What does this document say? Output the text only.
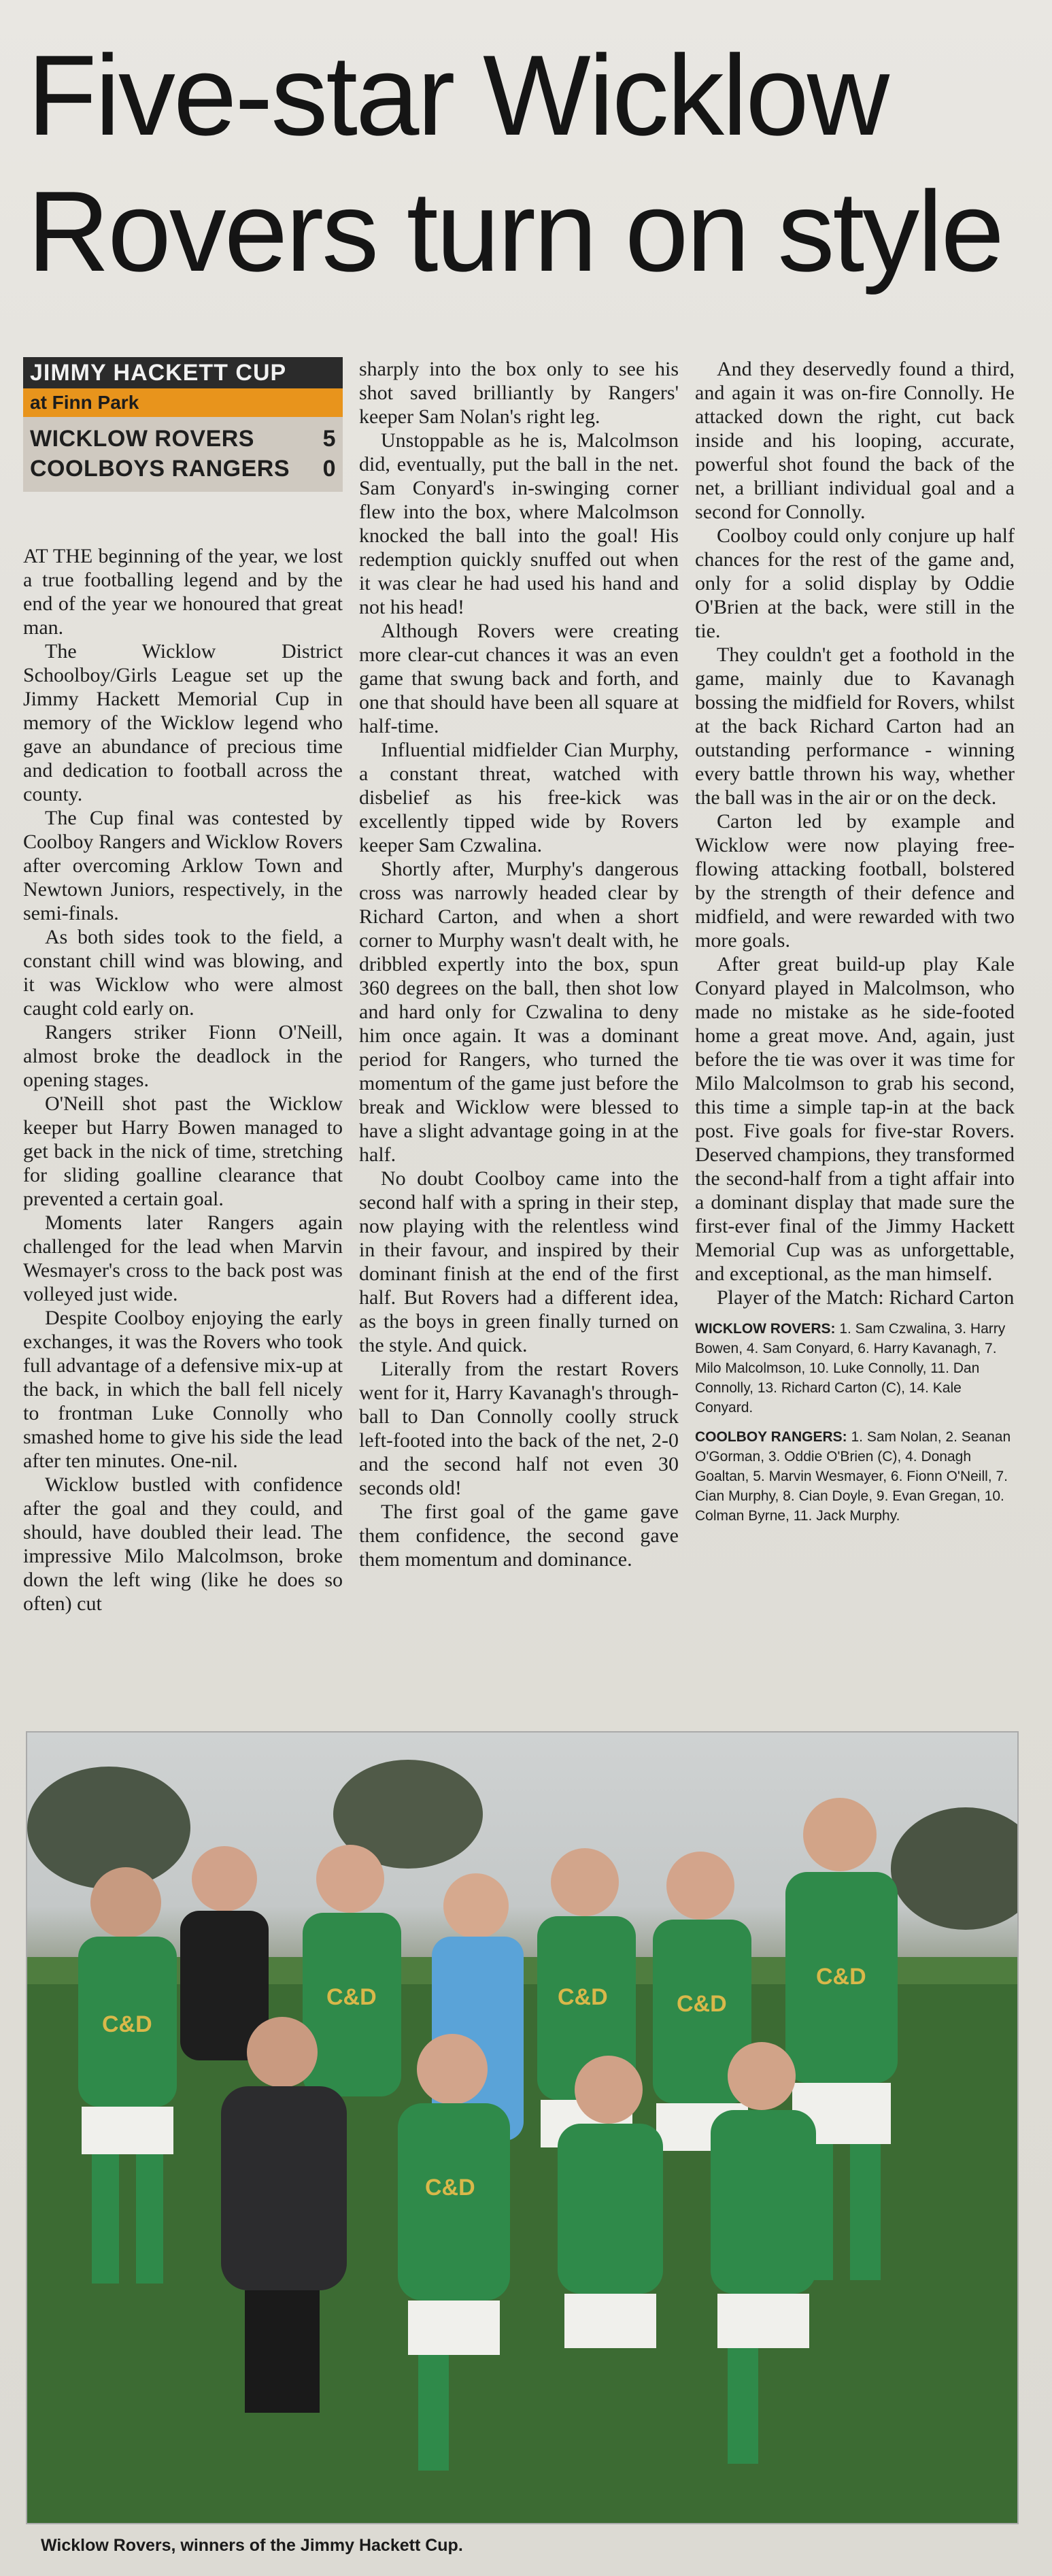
Five-star Wicklow Rovers turn on style
JIMMY HACKETT CUP
at Finn Park
WICKLOW ROVERS	5
COOLBOYS RANGERS 0

AT THE beginning of the year, we lost a true footballing legend and by the end of the year we honoured that great man.

The Wicklow District Schoolboy/Girls League set up the Jimmy Hackett Memorial Cup in memory of the Wicklow legend who gave an abundance of precious time and dedication to football across the county.

The Cup final was contested by Coolboy Rangers and Wicklow Rovers after overcoming Arklow Town and Newtown Juniors, respectively, in the semi-finals.

As both sides took to the field, a constant chill wind was blowing, and it was Wicklow who were almost caught cold early on.

Rangers striker Fionn O'Neill, almost broke the deadlock in the opening stages.

O'Neill shot past the Wicklow keeper but Harry Bowen managed to get back in the nick of time, stretching for sliding goalline clearance that prevented a certain goal.

Moments later Rangers again challenged for the lead when Marvin Wesmayer's cross to the back post was volleyed just wide.

Despite Coolboy enjoying the early exchanges, it was the Rovers who took full advantage of a defensive mix-up at the back, in which the ball fell nicely to frontman Luke Connolly who smashed home to give his side the lead after ten minutes. One-nil.

Wicklow bustled with confidence after the goal and they could, and should, have doubled their lead. The impressive Milo Malcolmson, broke down the left wing (like he does so often) cut

sharply into the box only to see his shot saved brilliantly by Rangers' keeper Sam Nolan's right leg.

Unstoppable as he is, Malcolmson did, eventually, put the ball in the net. Sam Conyard's in-swinging corner flew into the box, where Malcolmson knocked the ball into the goal! His redemption quickly snuffed out when it was clear he had used his hand and not his head!

Although Rovers were creating more clear-cut chances it was an even game that swung back and forth, and one that should have been all square at half-time.

Influential midfielder Cian Murphy, a constant threat, watched with disbelief as his free-kick was excellently tipped wide by Rovers keeper Sam Czwalina.

Shortly after, Murphy's dangerous cross was narrowly headed clear by Richard Carton, and when a short corner to Murphy wasn't dealt with, he dribbled expertly into the box, spun 360 degrees on the ball, then shot low and hard only for Czwalina to deny him once again. It was a dominant period for Rangers, who turned the momentum of the game just before the break and Wicklow were blessed to have a slight advantage going in at the half.

No doubt Coolboy came into the second half with a spring in their step, now playing with the relentless wind in their favour, and inspired by their dominant finish at the end of the first half. But Rovers had a different idea, as the boys in green finally turned on the style. And quick.

Literally from the restart Rovers went for it, Harry Kavanagh's through-ball to Dan Connolly coolly struck left-footed into the back of the net, 2-0 and the second half not even 30 seconds old!

The first goal of the game gave them confidence, the second gave them momentum and dominance.

And they deservedly found a third, and again it was on-fire Connolly. He attacked down the right, cut back inside and his looping, accurate, powerful shot found the back of the net, a brilliant individual goal and a second for Connolly.

Coolboy could only conjure up half chances for the rest of the game and, only for a solid display by Oddie O'Brien at the back, were still in the tie.

They couldn't get a foothold in the game, mainly due to Kavanagh bossing the midfield for Rovers, whilst at the back Richard Carton had an outstanding performance - winning every battle thrown his way, whether the ball was in the air or on the deck.

Carton led by example and Wicklow were now playing free-flowing attacking football, bolstered by the strength of their defence and midfield, and were rewarded with two more goals.

After great build-up play Kale Conyard played in Malcolmson, who made no mistake as he side-footed home a great move. And, again, just before the tie was over it was time for Milo Malcolmson to grab his second, this time a simple tap-in at the back post. Five goals for five-star Rovers. Deserved champions, they transformed the second-half from a tight affair into a dominant display that made sure the first-ever final of the Jimmy Hackett Memorial Cup was as unforgettable, and exceptional, as the man himself.

Player of the Match: Richard Carton

WICKLOW ROVERS: 1. Sam Czwalina, 3. Harry Bowen, 4. Sam Conyard, 6. Harry Kavanagh, 7. Milo Malcolmson, 10. Luke Connolly, 11. Dan Connolly, 13. Richard Carton (C), 14. Kale Conyard.
COOLBOY RANGERS: 1. Sam Nolan, 2. Seanan O'Gorman, 3. Oddie O'Brien (C), 4. Donagh Goaltan, 5. Marvin Wesmayer, 6. Fionn O'Neill, 7. Cian Murphy, 8. Cian Doyle, 9. Evan Gregan, 10. Colman Byrne, 11. Jack Murphy.
C&D
C&D	C&D	C&D
C&D
C&D
Wicklow Rovers, winners of the Jimmy Hackett Cup.
